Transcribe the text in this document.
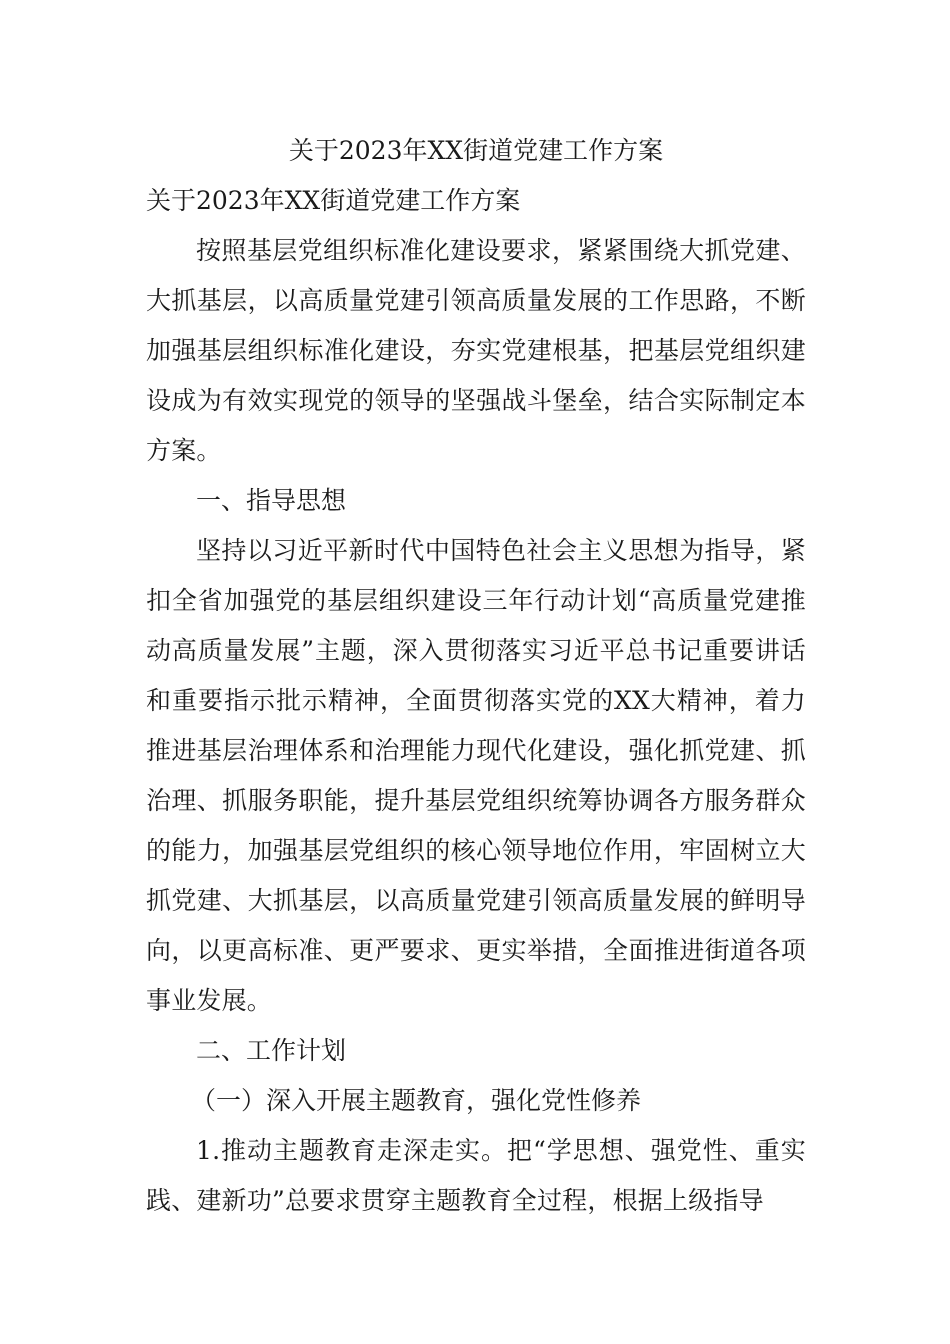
关于2023年XX街道党建工作方案

关于2023年XX街道党建工作方案

按照基层党组织标准化建设要求，紧紧围绕大抓党建、大抓基层，以高质量党建引领高质量发展的工作思路，不断加强基层组织标准化建设，夯实党建根基，把基层党组织建设成为有效实现党的领导的坚强战斗堡垒，结合实际制定本方案。

一、指导思想

坚持以习近平新时代中国特色社会主义思想为指导，紧扣全省加强党的基层组织建设三年行动计划“高质量党建推动高质量发展”主题，深入贯彻落实习近平总书记重要讲话和重要指示批示精神，全面贯彻落实党的XX大精神，着力推进基层治理体系和治理能力现代化建设，强化抓党建、抓治理、抓服务职能，提升基层党组织统筹协调各方服务群众的能力，加强基层党组织的核心领导地位作用，牢固树立大抓党建、大抓基层，以高质量党建引领高质量发展的鲜明导向，以更高标准、更严要求、更实举措，全面推进街道各项事业发展。

二、工作计划

（一）深入开展主题教育，强化党性修养

1.推动主题教育走深走实。把“学思想、强党性、重实践、建新功”总要求贯穿主题教育全过程，根据上级指导
